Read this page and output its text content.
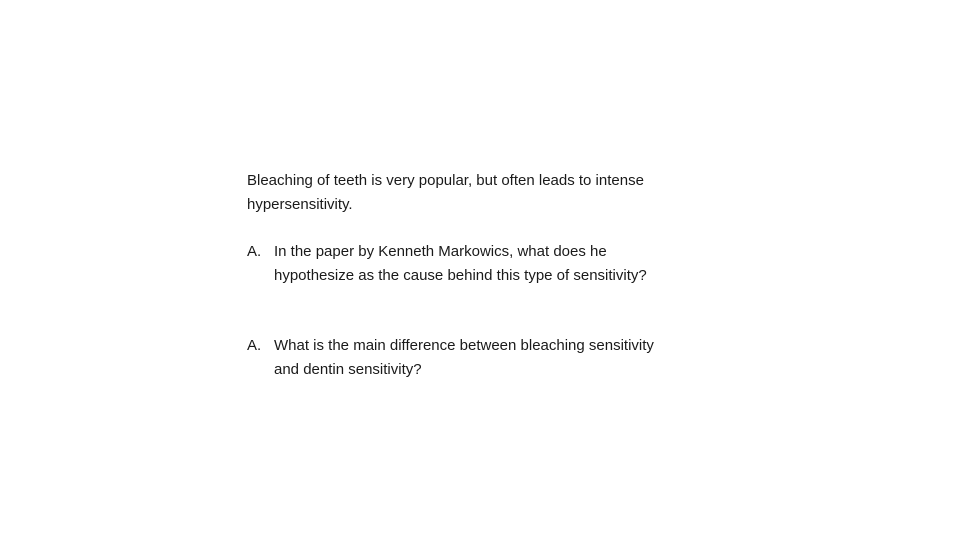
Bleaching of teeth is very popular, but often leads to intense
hypersensitivity.

A. In the paper by Kenneth Markowics, what does he
hypothesize as the cause behind this type of sensitivity?
A. What is the main difference between bleaching sensitivity
and dentin sensitivity?
